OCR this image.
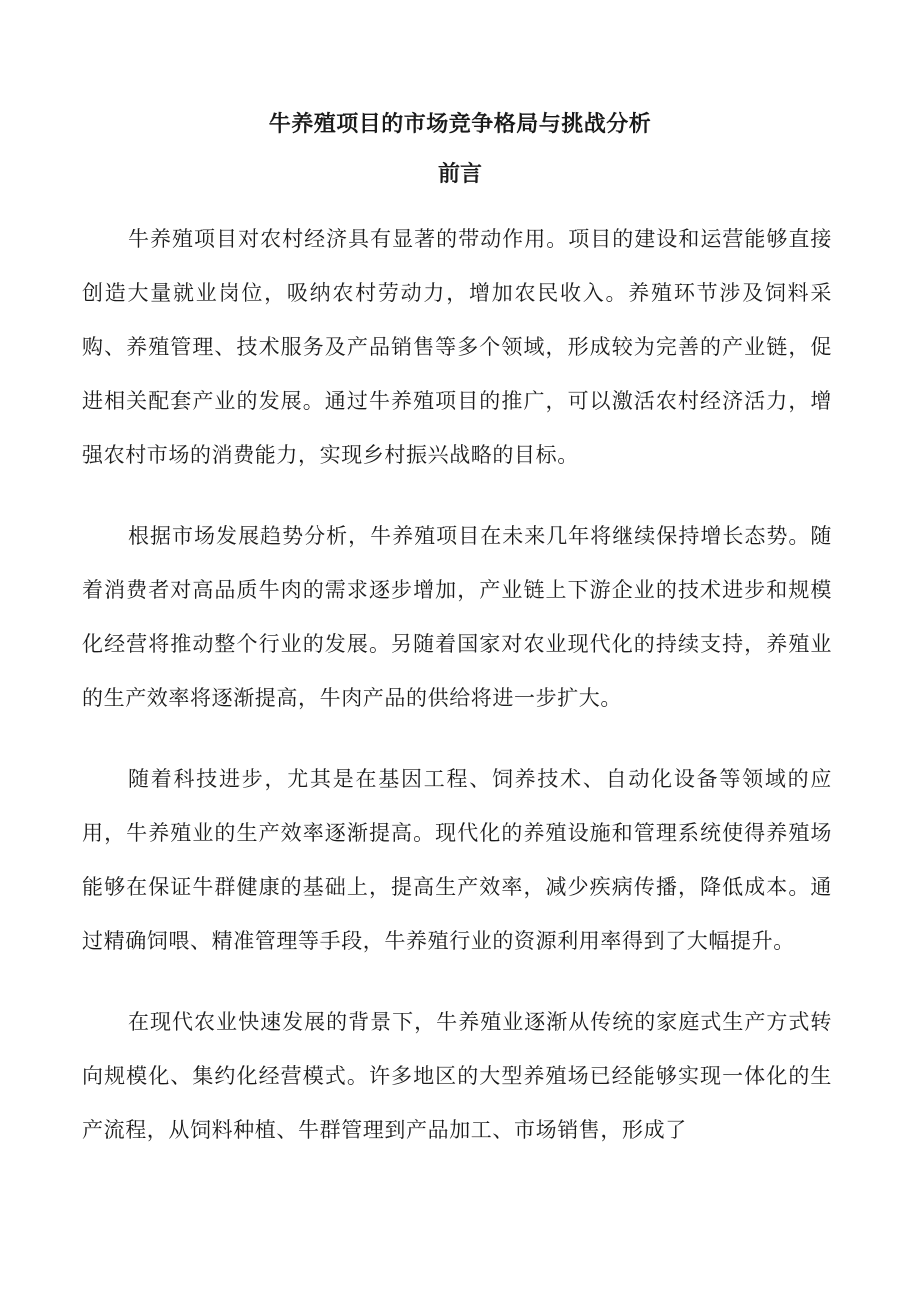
牛养殖项目的市场竞争格局与挑战分析
前言

牛养殖项目对农村经济具有显著的带动作用。项目的建设和运营能够直接创造大量就业岗位，吸纳农村劳动力，增加农民收入。养殖环节涉及饲料采购、养殖管理、技术服务及产品销售等多个领域，形成较为完善的产业链，促进相关配套产业的发展。通过牛养殖项目的推广，可以激活农村经济活力，增强农村市场的消费能力，实现乡村振兴战略的目标。

根据市场发展趋势分析，牛养殖项目在未来几年将继续保持增长态势。随着消费者对高品质牛肉的需求逐步增加，产业链上下游企业的技术进步和规模化经营将推动整个行业的发展。另随着国家对农业现代化的持续支持，养殖业的生产效率将逐渐提高，牛肉产品的供给将进一步扩大。

随着科技进步，尤其是在基因工程、饲养技术、自动化设备等领域的应用，牛养殖业的生产效率逐渐提高。现代化的养殖设施和管理系统使得养殖场能够在保证牛群健康的基础上，提高生产效率，减少疾病传播，降低成本。通过精确饲喂、精准管理等手段，牛养殖行业的资源利用率得到了大幅提升。

在现代农业快速发展的背景下，牛养殖业逐渐从传统的家庭式生产方式转向规模化、集约化经营模式。许多地区的大型养殖场已经能够实现一体化的生产流程，从饲料种植、牛群管理到产品加工、市场销售，形成了
